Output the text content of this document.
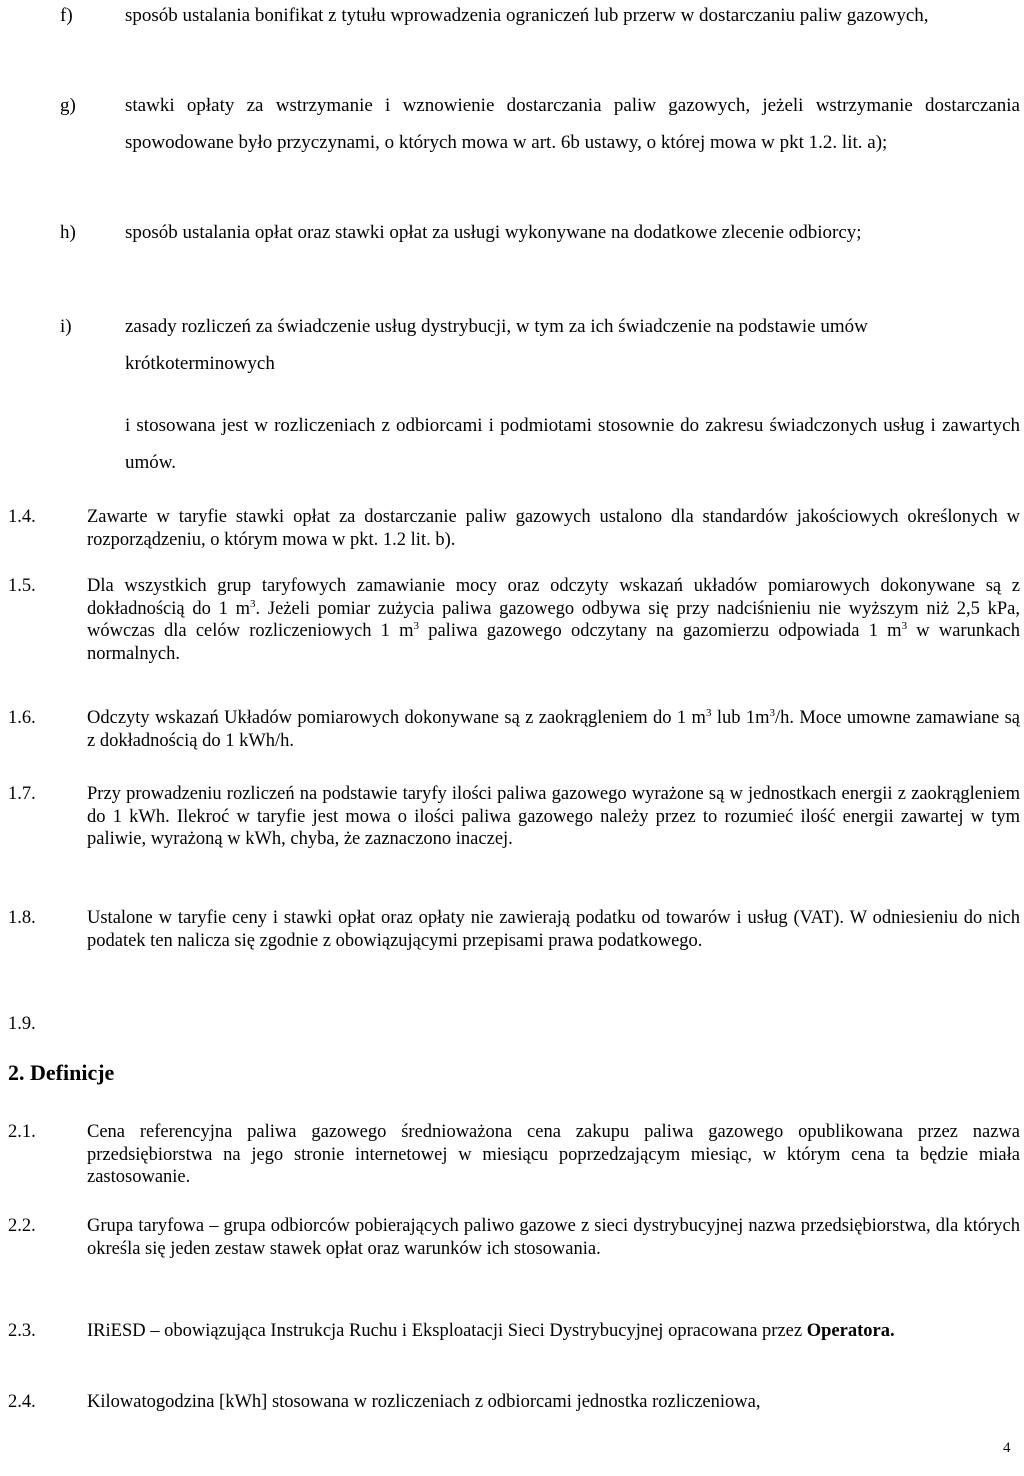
f)	sposób ustalania bonifikat z tytułu wprowadzenia ograniczeń lub przerw w dostarczaniu paliw gazowych,
g)	stawki opłaty za wstrzymanie i wznowienie dostarczania paliw gazowych, jeżeli wstrzymanie dostarczania spowodowane było przyczynami, o których mowa w art. 6b ustawy, o której mowa w pkt 1.2. lit. a);
h)	sposób ustalania opłat oraz stawki opłat za usługi wykonywane na dodatkowe zlecenie odbiorcy;
i)	zasady rozliczeń za świadczenie usług dystrybucji, w tym za ich świadczenie na podstawie umów krótkoterminowych
i stosowana jest w rozliczeniach z odbiorcami i podmiotami stosownie do zakresu świadczonych usług i zawartych umów.
1.4.	Zawarte w taryfie stawki opłat za dostarczanie paliw gazowych ustalono dla standardów jakościowych określonych w rozporządzeniu, o którym mowa w pkt. 1.2 lit. b).
1.5.	Dla wszystkich grup taryfowych zamawianie mocy oraz odczyty wskazań układów pomiarowych dokonywane są z dokładnością do 1 $m^3$. Jeżeli pomiar zużycia paliwa gazowego odbywa się przy nadciśnieniu nie wyższym niż 2,5 kPa, wówczas dla celów rozliczeniowych 1 $m^3$ paliwa gazowego odczytany na gazomierzu odpowiada 1 $m^3$ w warunkach normalnych.
1.6.	Odczyty wskazań Układów pomiarowych dokonywane są z zaokrągleniem do 1 $m^3$ lub $1m^3/h$. Moce umowne zamawiane są z dokładnością do 1 kWh/h.
1.7.	Przy prowadzeniu rozliczeń na podstawie taryfy ilości paliwa gazowego wyrażone są w jednostkach energii z zaokrągleniem do 1 kWh. Ilekroć w taryfie jest mowa o ilości paliwa gazowego należy przez to rozumieć ilość energii zawartej w tym paliwie, wyrażoną w kWh, chyba, że zaznaczono inaczej.
1.8.	Ustalone w taryfie ceny i stawki opłat oraz opłaty nie zawierają podatku od towarów i usług (VAT). W odniesieniu do nich podatek ten nalicza się zgodnie z obowiązującymi przepisami prawa podatkowego.
1.9.
2. Definicje
2.1.	Cena referencyjna paliwa gazowego średnioważona cena zakupu paliwa gazowego opublikowana przez nazwa przedsiębiorstwa na jego stronie internetowej w miesiącu poprzedzającym miesiąc, w którym cena ta będzie miała zastosowanie.
2.2.	Grupa taryfowa – grupa odbiorców pobierających paliwo gazowe z sieci dystrybucyjnej nazwa przedsiębiorstwa, dla których określa się jeden zestaw stawek opłat oraz warunków ich stosowania.
2.3.	IRiESD – obowiązująca Instrukcja Ruchu i Eksploatacji Sieci Dystrybucyjnej opracowana przez Operatora.
2.4.	Kilowatogodzina [kWh] stosowana w rozliczeniach z odbiorcami jednostka rozliczeniowa,
4
